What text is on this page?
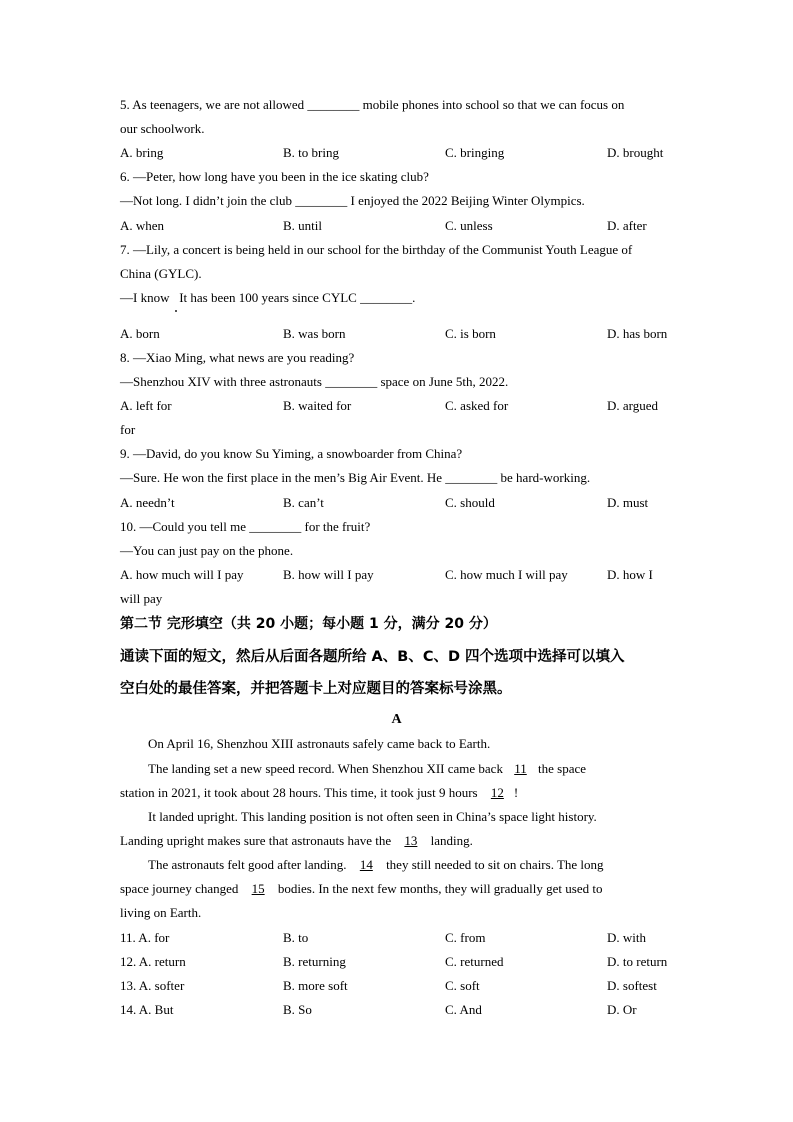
5. As teenagers, we are not allowed ________ mobile phones into school so that we can focus on
our schoolwork.
A. bring	B. to bring	C. bringing	D. brought
6. —Peter, how long have you been in the ice skating club?
—Not long. I didn’t join the club ________ I enjoyed the 2022 Beijing Winter Olympics.
A. when	B. until	C. unless	D. after
7. —Lily, a concert is being held in our school for the birthday of the Communist Youth League of
China (GYLC).
—I know   It has been 100 years since CYLC ________.
A. born	B. was born	C. is born	D. has born
8. —Xiao Ming, what news are you reading?
—Shenzhou XIV with three astronauts ________ space on June 5th, 2022.
A. left for	B. waited for	C. asked for	D. argued
for
9. —David, do you know Su Yiming, a snowboarder from China?
—Sure. He won the first place in the men’s Big Air Event. He ________ be hard-working.
A. needn’t	B. can’t	C. should	D. must
10. —Could you tell me ________ for the fruit?
—You can just pay on the phone.
A. how much will I pay	B. how will I pay	C. how much I will pay	D. how I
will pay
第二节 完形填空（共 20 小题；每小题 1 分，满分 20 分）
通读下面的短文，然后从后面各题所给 A、B、C、D 四个选项中选择可以填入
空白处的最佳答案，并把答题卡上对应题目的答案标号涂黑。
A
On April 16, Shenzhou XIII astronauts safely came back to Earth.
The landing set a new speed record. When Shenzhou XII came back 11 the space
station in 2021, it took about 28 hours. This time, it took just 9 hours 12 !
It landed upright. This landing position is not often seen in China’s space light history.
Landing upright makes sure that astronauts have the 13 landing.
The astronauts felt good after landing. 14 they still needed to sit on chairs. The long
space journey changed 15 bodies. In the next few months, they will gradually get used to
living on Earth.
11. A. for	B. to	C. from	D. with
12. A. return	B. returning	C. returned	D. to return
13. A. softer	B. more soft	C. soft	D. softest
14. A. But	B. So	C. And	D. Or
